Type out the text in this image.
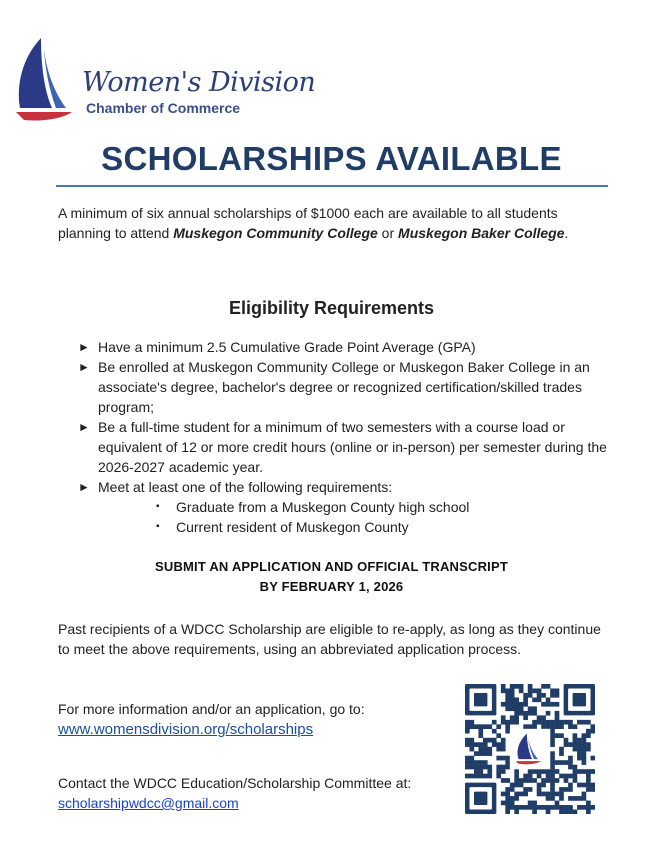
Women's Division
Chamber of Commerce
SCHOLARSHIPS AVAILABLE
A minimum of six annual scholarships of $1000 each are available to all students planning to attend Muskegon Community College or Muskegon Baker College.
Eligibility Requirements
► Have a minimum 2.5 Cumulative Grade Point Average (GPA)
► Be enrolled at Muskegon Community College or Muskegon Baker College in an associate's degree, bachelor's degree or recognized certification/skilled trades program;
► Be a full-time student for a minimum of two semesters with a course load or equivalent of 12 or more credit hours (online or in-person) per semester during the 2026-2027 academic year.
► Meet at least one of the following requirements:
▪ Graduate from a Muskegon County high school
▪ Current resident of Muskegon County
SUBMIT AN APPLICATION AND OFFICIAL TRANSCRIPT
BY FEBRUARY 1, 2026
Past recipients of a WDCC Scholarship are eligible to re-apply, as long as they continue to meet the above requirements, using an abbreviated application process.
For more information and/or an application, go to:
www.womensdivision.org/scholarships
Contact the WDCC Education/Scholarship Committee at:
scholarshipwdcc@gmail.com
